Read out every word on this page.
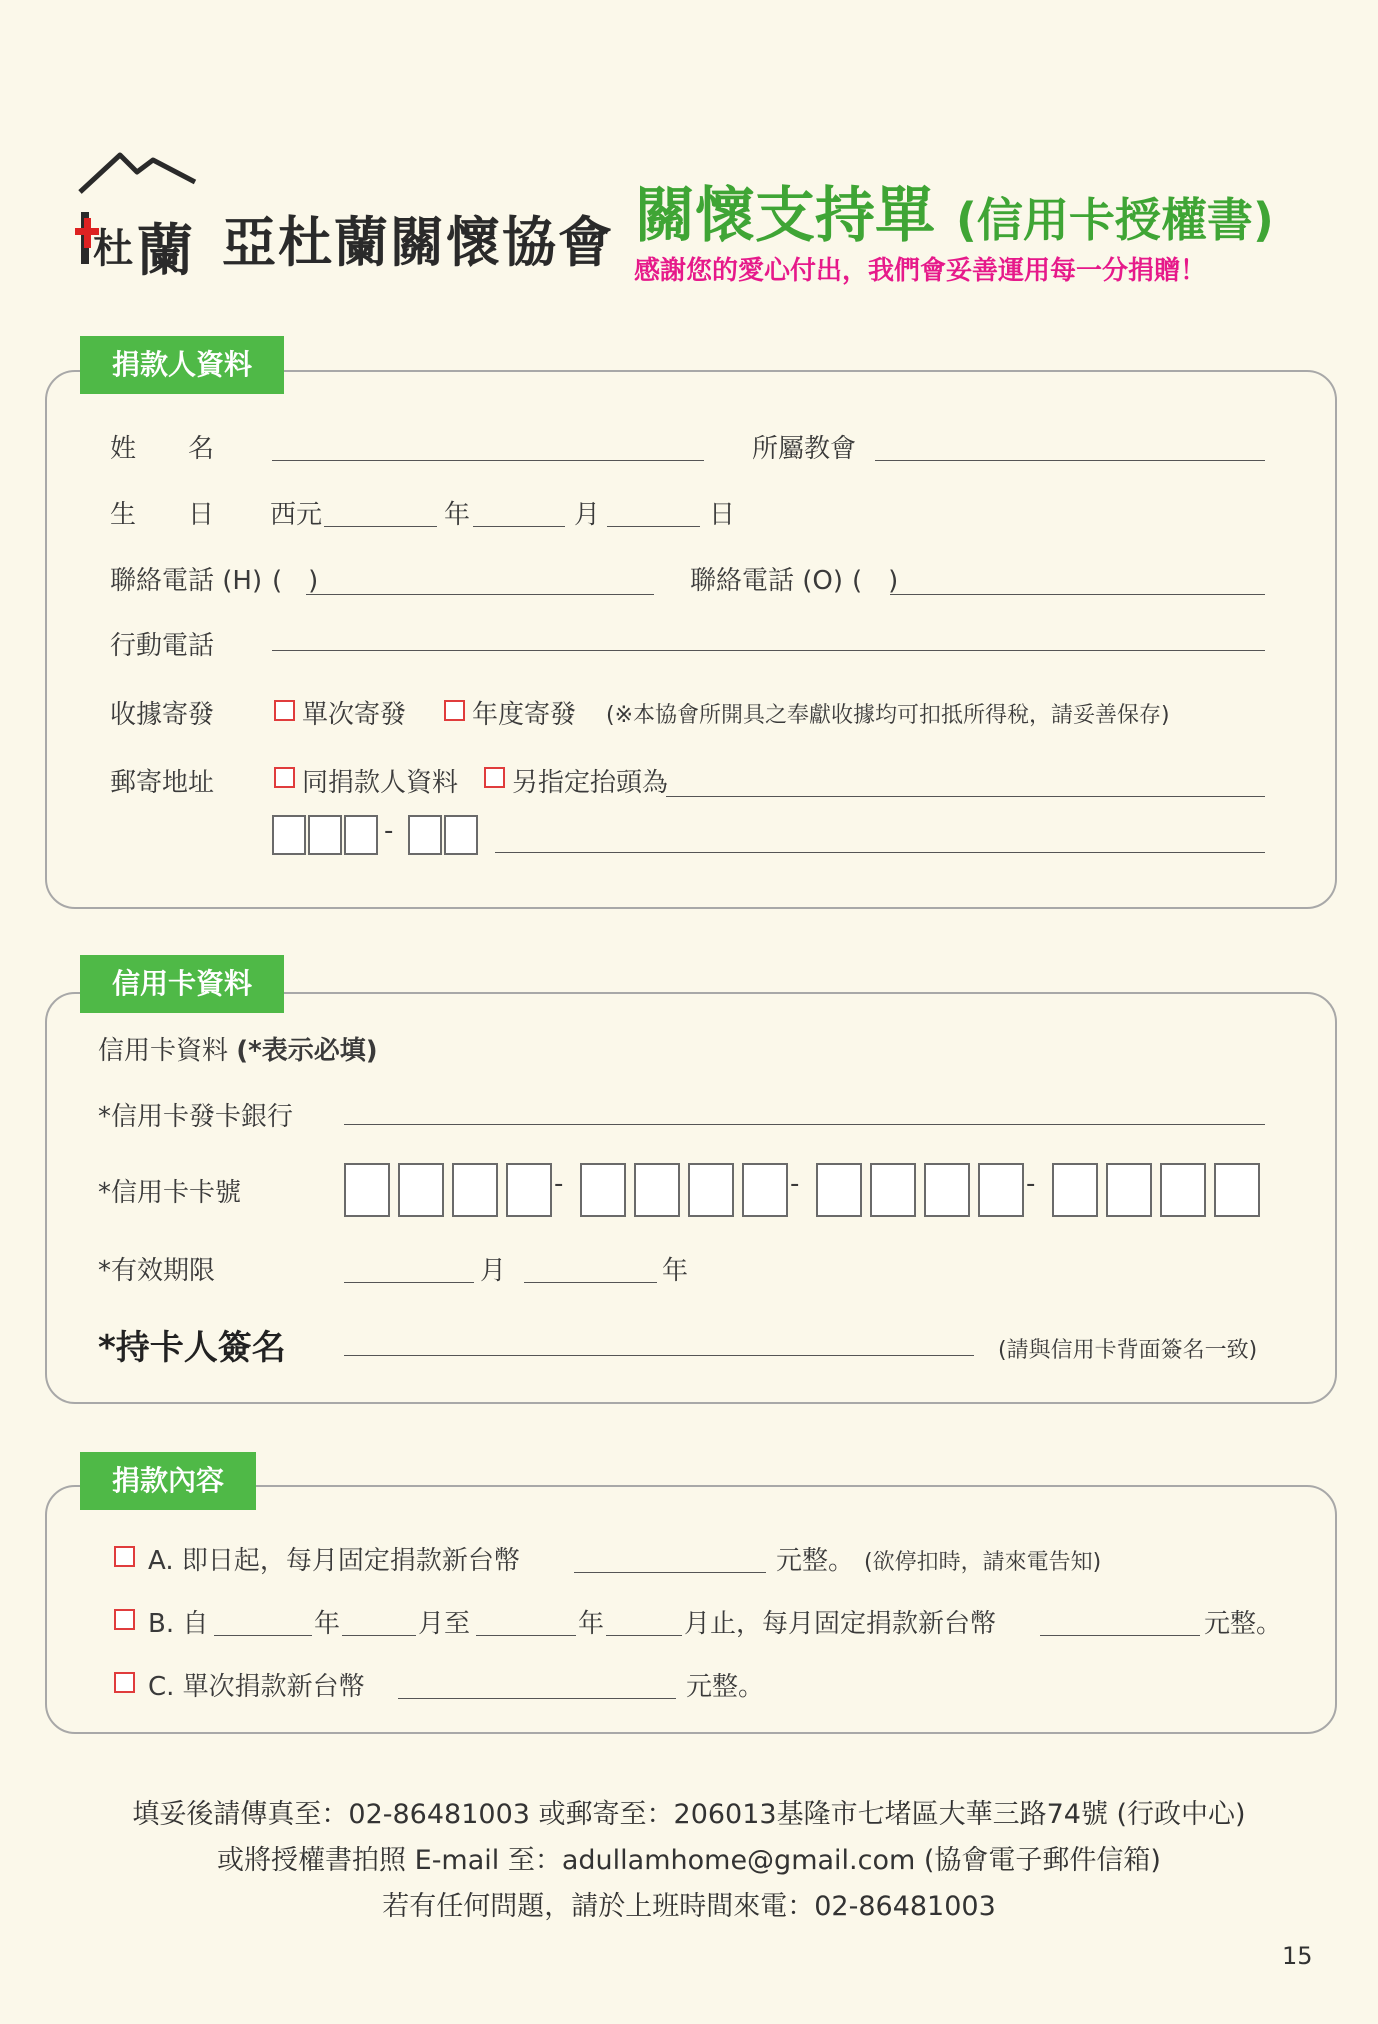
杜 蘭 亞杜蘭關懷協會 關懷支持單 (信用卡授權書)
感謝您的愛心付出，我們會妥善運用每一分捐贈！
捐款人資料
姓　　名	所屬教會
生　　日 西元	年	月	日
聯絡電話 (H) (　)	聯絡電話 (O) (　)
行動電話
收據寄發	單次寄發	年度寄發 (※本協會所開具之奉獻收據均可扣抵所得稅，請妥善保存)
郵寄地址	同捐款人資料 另指定抬頭為
-
信用卡資料
信用卡資料 (*表示必填)
*信用卡發卡銀行
*信用卡卡號	-	-	-
*有效期限	月	年
*持卡人簽名	(請與信用卡背面簽名一致)
捐款內容
A. 即日起，每月固定捐款新台幣	元整。 (欲停扣時，請來電告知)
B. 自	年	月至	年	月止，每月固定捐款新台幣	元整。
C. 單次捐款新台幣	元整。
填妥後請傳真至：02-86481003 或郵寄至：206013基隆市七堵區大華三路74號 (行政中心)
或將授權書拍照 E-mail 至：adullamhome@gmail.com (協會電子郵件信箱)
若有任何問題，請於上班時間來電：02-86481003
15
